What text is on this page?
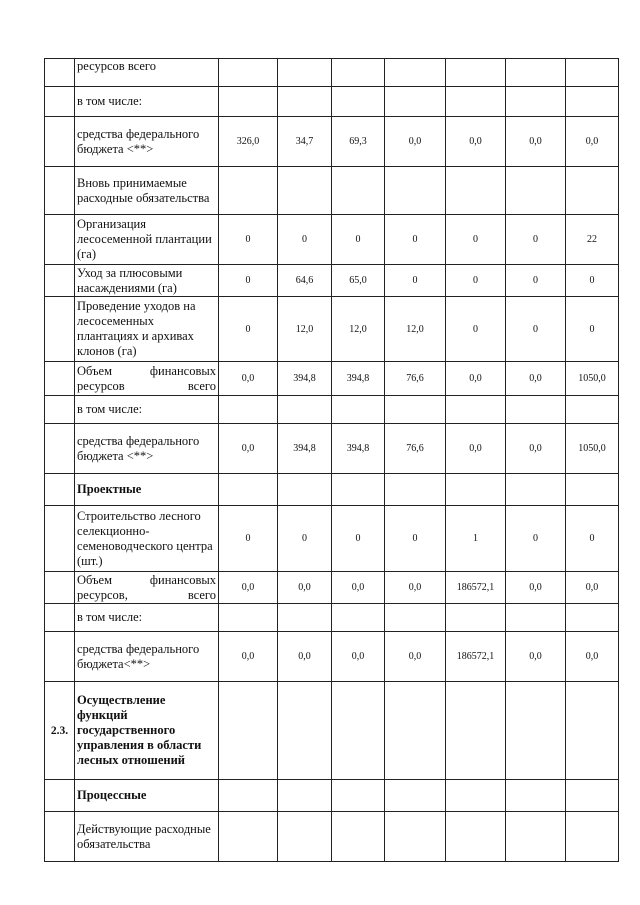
	ресурсов всего							
	в том числе:							
	средства федерального бюджета <**>	326,0	34,7	69,3	0,0	0,0	0,0	0,0
	Вновь принимаемые расходные обязательства							
	Организация лесосеменной плантации (га)	0	0	0	0	0	0	22
	Уход за плюсовыми насаждениями (га)	0	64,6	65,0	0	0	0	0
	Проведение уходов на лесосеменных плантациях и архивах клонов (га)	0	12,0	12,0	12,0	0	0	0
	Объем финансовых ресурсов всего	0,0	394,8	394,8	76,6	0,0	0,0	1050,0
	в том числе:							
	средства федерального бюджета <**>	0,0	394,8	394,8	76,6	0,0	0,0	1050,0
	Проектные							
	Строительство лесного селекционно-семеноводческого центра (шт.)	0	0	0	0	1	0	0
	Объем финансовых ресурсов, всего	0,0	0,0	0,0	0,0	186572,1	0,0	0,0
	в том числе:							
	средства федерального бюджета<**>	0,0	0,0	0,0	0,0	186572,1	0,0	0,0
2.3.	Осуществление функций государственного управления в области лесных отношений							
	Процессные							
	Действующие расходные обязательства							
